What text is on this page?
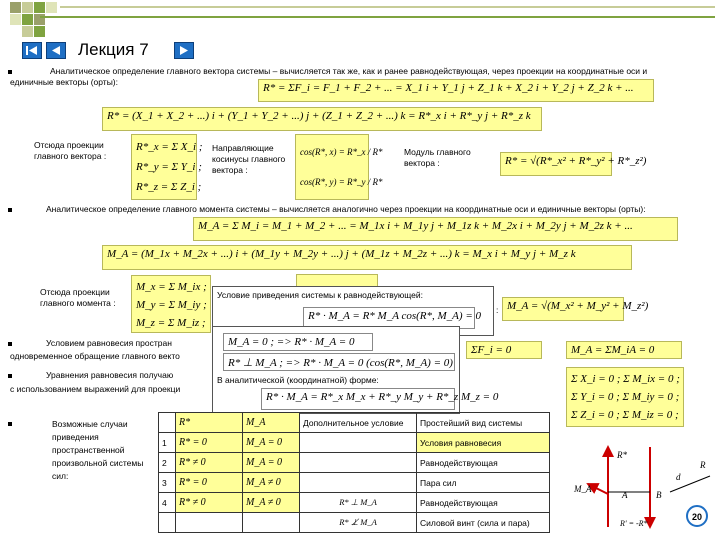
Лекция 7
Аналитическое определение главного вектора системы – вычисляется так же, как и ранее равнодействующая, через проекции на координатные оси и единичные векторы (орты):	R* = ΣF_i = F_1 + F_2 + ... = X_1 i + Y_1 j + Z_1 k + X_2 i + Y_2 j + Z_2 k + ...
R* = (X_1 + X_2 + ...) i + (Y_1 + Y_2 + ...) j + (Z_1 + Z_2 + ...) k = R*_x i + R*_y j + R*_z k
Отсюда проекции главного вектора :
R*_x = Σ X_i ;
R*_y = Σ Y_i ;
R*_z = Σ Z_i ;
Направляющие косинусы главного вектора :
cos(R*, x) = R*_x / R*
cos(R*, y) = R*_y / R*
Модуль главного вектора :	R* = √(R*_x² + R*_y² + R*_z²)
Аналитическое определение главного момента системы – вычисляется аналогично через проекции на координатные оси и единичные векторы (орты):
M_A = Σ M_i = M_1 + M_2 + ... = M_1x i + M_1y j + M_1z k + M_2x i + M_2y j + M_2z k + ...
M_A = (M_1x + M_2x + ...) i + (M_1y + M_2y + ...) j + (M_1z + M_2z + ...) k = M_x i + M_y j + M_z k
Отсюда проекции главного момента :
M_x = Σ M_ix ;
M_y = Σ M_iy ;
M_z = Σ M_iz ;
: M_A = √(M_x² + M_y² + M_z²)
Условие приведения системы к равнодействующей:
R* · M_A = R* M_A cos(R*, M_A) = 0
Условием равновесия простран
одновременное обращение главного векто	ΣF_i = 0	M_A = ΣM_iA = 0
Уравнения равновесия получаю
с использованием выражений для проекци
Σ X_i = 0 ; Σ M_ix = 0 ;
Σ Y_i = 0 ; Σ M_iy = 0 ;
Σ Z_i = 0 ; Σ M_iz = 0 ;
M_A = 0 ; => R* · M_A = 0
R* ⊥ M_A ; => R* · M_A = 0 (cos(R*, M_A) = 0)
В аналитической (координатной) форме:
R* · M_A = R*_x M_x + R*_y M_y + R*_z M_z = 0
Возможные случаи приведения пространственной произвольной системы сил:
	R*	M_A	Дополнительное условие	Простейший вид системы
1	R* = 0	M_A = 0		Условия равновесия
2	R* ≠ 0	M_A = 0		Равнодействующая
3	R* = 0	M_A ≠ 0		Пара сил
4	R* ≠ 0	M_A ≠ 0	R* ⊥ M_A	Равнодействующая
			R* ⊥̸ M_A	Силовой винт (сила и пара)
R*
M_A
A	B
d
R
R' = -R*
20
